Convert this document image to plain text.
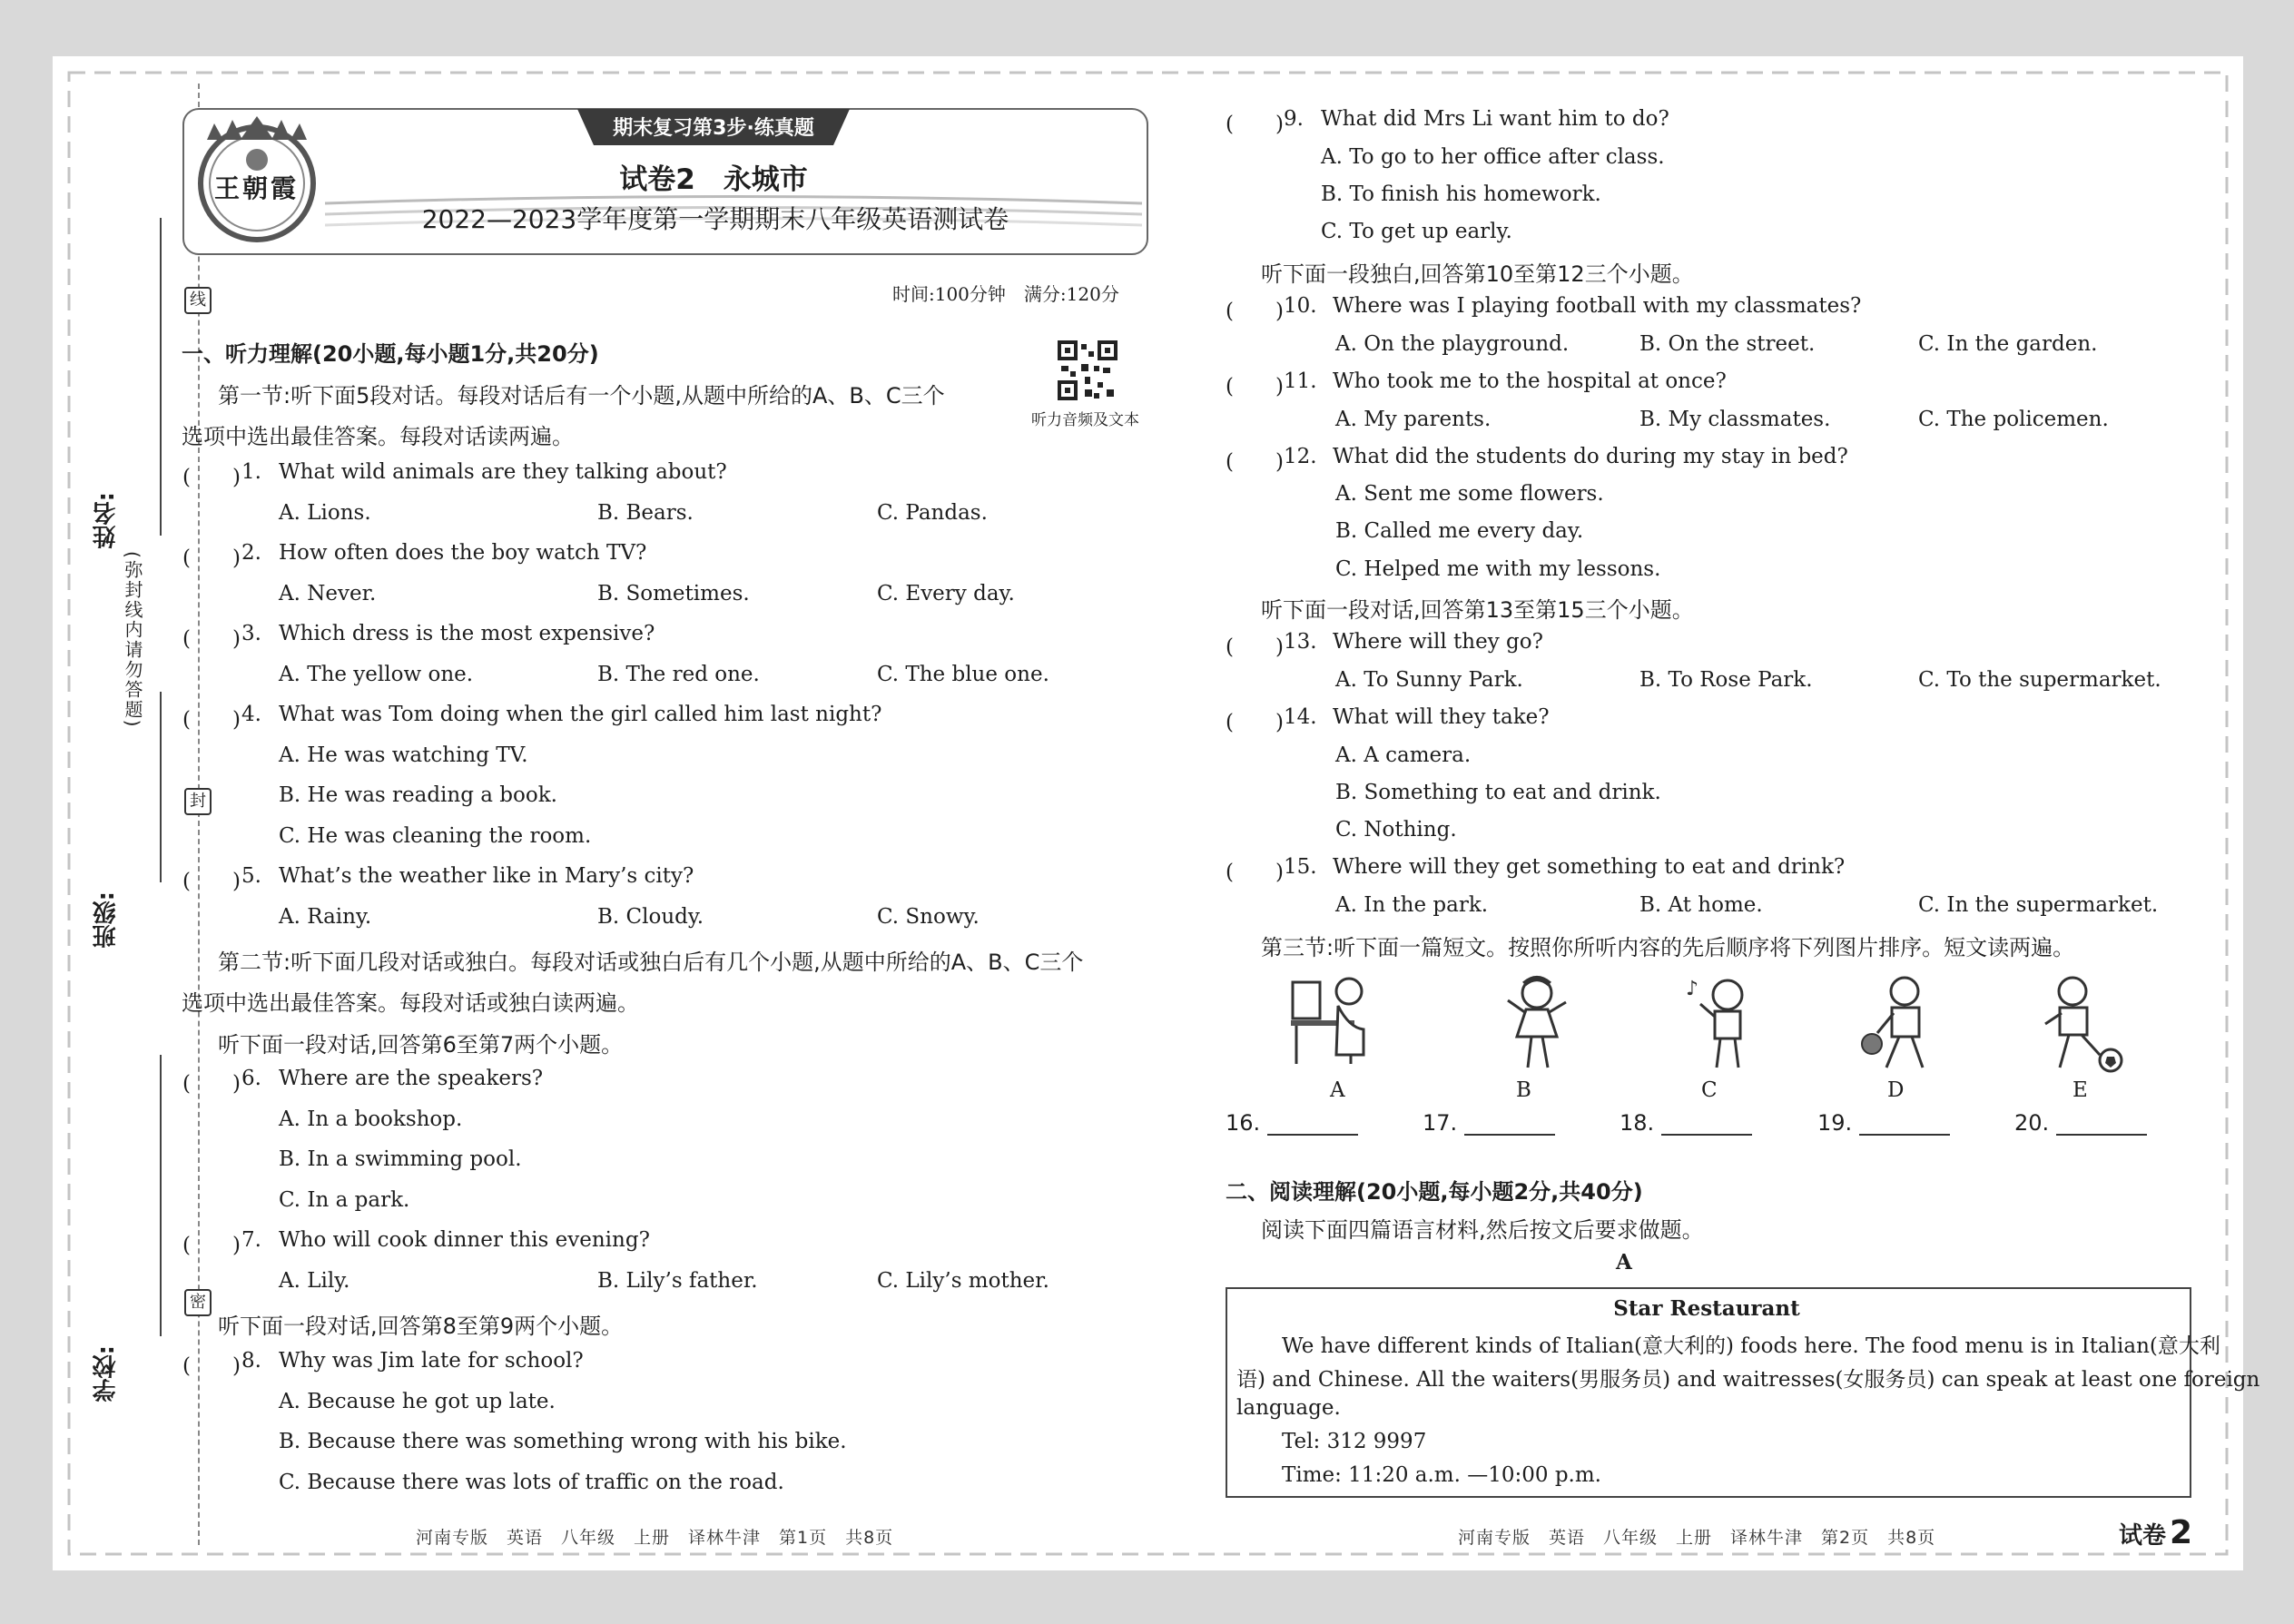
姓名:
班级:
学校:
线
封
密
(弥封线内请勿答题)
王朝霞
期末复习第3步·练真题
试卷2　永城市
2022—2023学年度第一学期期末八年级英语测试卷
时间:100分钟　满分:120分
听力音频及文本
一、听力理解(20小题,每小题1分,共20分)
第一节:听下面5段对话。每段对话后有一个小题,从题中所给的A、B、C三个
选项中选出最佳答案。每段对话读两遍。
(　　) 1. What wild animals are they talking about?
A. Lions.	B. Bears.	C. Pandas.
(　　) 2. How often does the boy watch TV?
A. Never.	B. Sometimes.	C. Every day.
(　　) 3. Which dress is the most expensive?
A. The yellow one.	B. The red one.	C. The blue one.
(　　) 4. What was Tom doing when the girl called him last night?
A. He was watching TV.
B. He was reading a book.
C. He was cleaning the room.
(　　) 5. What’s the weather like in Mary’s city?
A. Rainy.	B. Cloudy.	C. Snowy.
第二节:听下面几段对话或独白。每段对话或独白后有几个小题,从题中所给的A、B、C三个
选项中选出最佳答案。每段对话或独白读两遍。
听下面一段对话,回答第6至第7两个小题。
(　　) 6. Where are the speakers?
A. In a bookshop.
B. In a swimming pool.
C. In a park.
(　　) 7. Who will cook dinner this evening?
A. Lily.	B. Lily’s father.	C. Lily’s mother.
听下面一段对话,回答第8至第9两个小题。
(　　) 8. Why was Jim late for school?
A. Because he got up late.
B. Because there was something wrong with his bike.
C. Because there was lots of traffic on the road.
河南专版　英语　八年级　上册　译林牛津　第1页　共8页
(　　) 9. What did Mrs Li want him to do?
A. To go to her office after class.
B. To finish his homework.
C. To get up early.
听下面一段独白,回答第10至第12三个小题。
(　　) 10. Where was I playing football with my classmates?
A. On the playground.	B. On the street.	C. In the garden.
(　　) 11. Who took me to the hospital at once?
A. My parents.	B. My classmates.	C. The policemen.
(　　) 12. What did the students do during my stay in bed?
A. Sent me some flowers.
B. Called me every day.
C. Helped me with my lessons.
听下面一段对话,回答第13至第15三个小题。
(　　) 13. Where will they go?
A. To Sunny Park.	B. To Rose Park.	C. To the supermarket.
(　　) 14. What will they take?
A. A camera.
B. Something to eat and drink.
C. Nothing.
(　　) 15. Where will they get something to eat and drink?
A. In the park.	B. At home.	C. In the supermarket.
第三节:听下面一篇短文。按照你所听内容的先后顺序将下列图片排序。短文读两遍。
♪
A	B	C	D	E
16.	17.	18.	19.	20.
二、阅读理解(20小题,每小题2分,共40分)
阅读下面四篇语言材料,然后按文后要求做题。
A
Star Restaurant
We have different kinds of Italian(意大利的) foods here. The food menu is in Italian(意大利
语) and Chinese. All the waiters(男服务员) and waitresses(女服务员) can speak at least one foreign
language.
Tel: 312 9997
Time: 11:20 a.m. —10:00 p.m.
河南专版　英语　八年级　上册　译林牛津　第2页　共8页	试卷 2
